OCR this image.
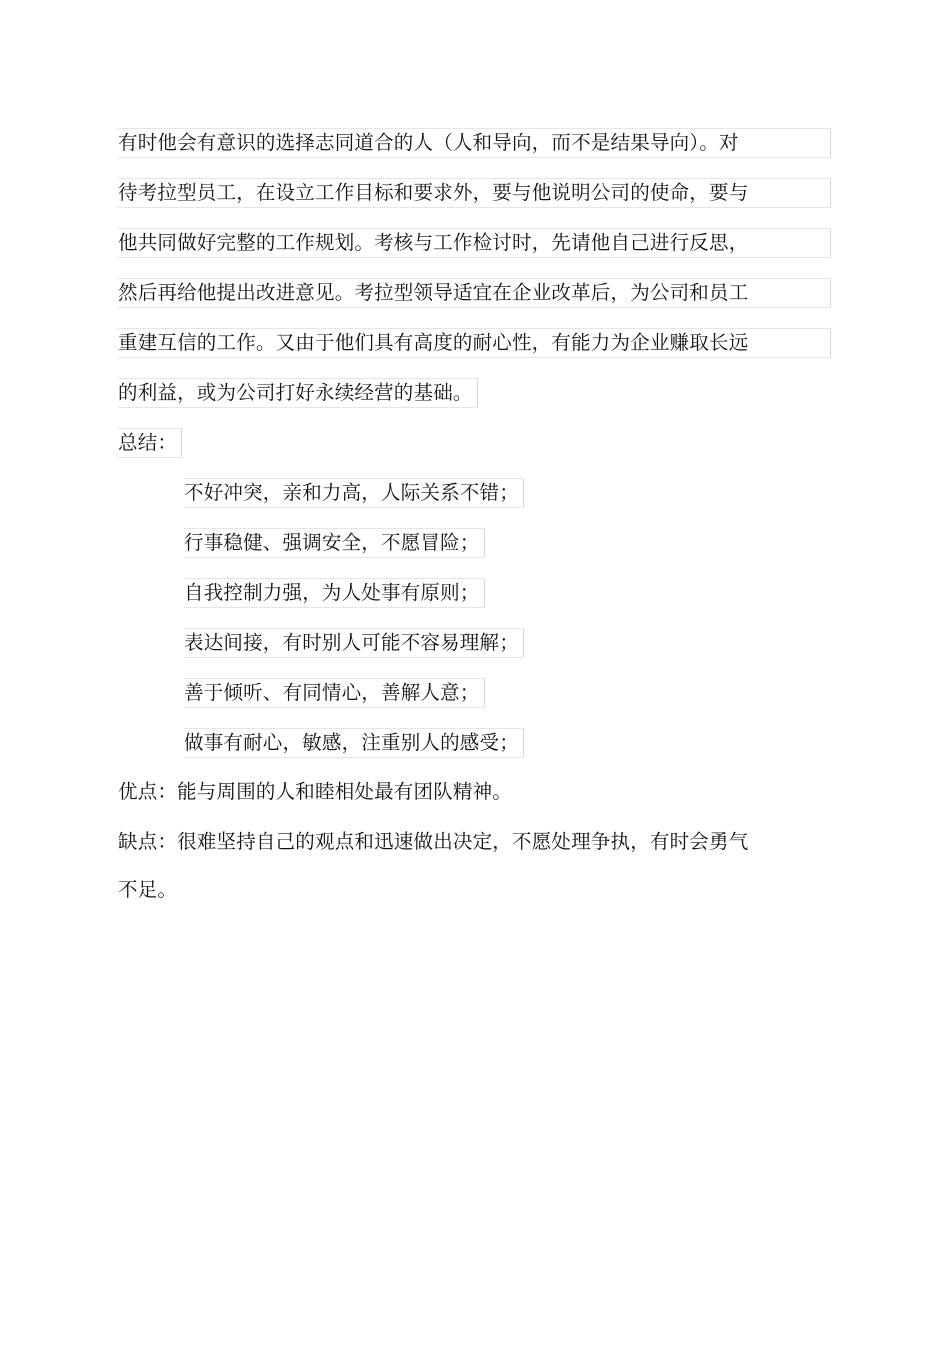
有时他会有意识的选择志同道合的人（人和导向，而不是结果导向）。对
待考拉型员工，在设立工作目标和要求外，要与他说明公司的使命，要与
他共同做好完整的工作规划。考核与工作检讨时，先请他自己进行反思，
然后再给他提出改进意见。考拉型领导适宜在企业改革后，为公司和员工
重建互信的工作。又由于他们具有高度的耐心性，有能力为企业赚取长远
的利益，或为公司打好永续经营的基础。
总结：
不好冲突，亲和力高，人际关系不错；
行事稳健、强调安全，不愿冒险；
自我控制力强，为人处事有原则；
表达间接，有时别人可能不容易理解；
善于倾听、有同情心，善解人意；
做事有耐心，敏感，注重别人的感受；
优点：能与周围的人和睦相处最有团队精神。
缺点：很难坚持自己的观点和迅速做出决定，不愿处理争执，有时会勇气
不足。
